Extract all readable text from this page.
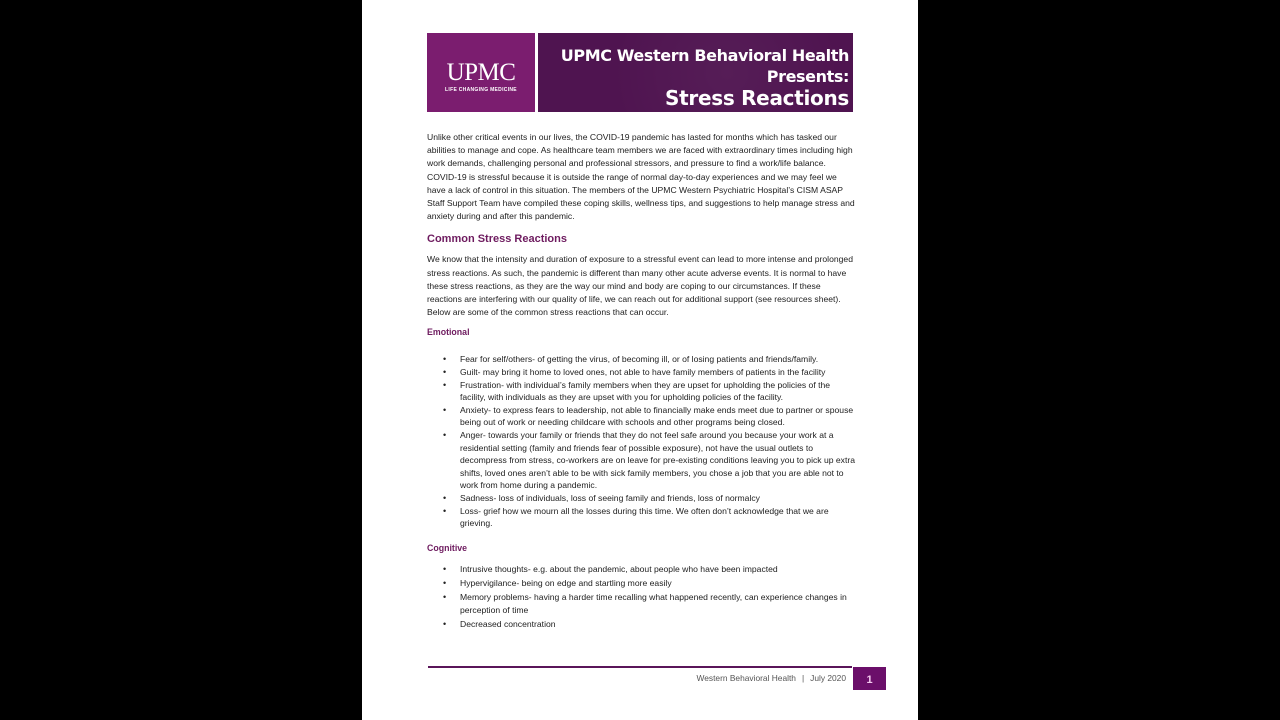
UPMC
LIFE CHANGING MEDICINE
UPMC Western Behavioral Health
Presents:
Stress Reactions

Unlike other critical events in our lives, the COVID-19 pandemic has lasted for months which has tasked our abilities to manage and cope. As healthcare team members we are faced with extraordinary times including high work demands, challenging personal and professional stressors, and pressure to find a work/life balance. COVID-19 is stressful because it is outside the range of normal day-to-day experiences and we may feel we have a lack of control in this situation. The members of the UPMC Western Psychiatric Hospital’s CISM ASAP Staff Support Team have compiled these coping skills, wellness tips, and suggestions to help manage stress and anxiety during and after this pandemic.

Common Stress Reactions

We know that the intensity and duration of exposure to a stressful event can lead to more intense and prolonged stress reactions. As such, the pandemic is different than many other acute adverse events. It is normal to have these stress reactions, as they are the way our mind and body are coping to our circumstances. If these reactions are interfering with our quality of life, we can reach out for additional support (see resources sheet). Below are some of the common stress reactions that can occur.

Emotional
• Fear for self/others- of getting the virus, of becoming ill, or of losing patients and friends/family.
• Guilt- may bring it home to loved ones, not able to have family members of patients in the facility
• Frustration- with individual’s family members when they are upset for upholding the policies of the facility, with individuals as they are upset with you for upholding policies of the facility.
• Anxiety- to express fears to leadership, not able to financially make ends meet due to partner or spouse being out of work or needing childcare with schools and other programs being closed.
• Anger- towards your family or friends that they do not feel safe around you because your work at a residential setting (family and friends fear of possible exposure), not have the usual outlets to decompress from stress, co-workers are on leave for pre-existing conditions leaving you to pick up extra shifts, loved ones aren’t able to be with sick family members, you chose a job that you are able not to work from home during a pandemic.
• Sadness- loss of individuals, loss of seeing family and friends, loss of normalcy
• Loss- grief how we mourn all the losses during this time. We often don’t acknowledge that we are grieving.
Cognitive
• Intrusive thoughts- e.g. about the pandemic, about people who have been impacted
• Hypervigilance- being on edge and startling more easily
• Memory problems- having a harder time recalling what happened recently, can experience changes in perception of time
• Decreased concentration
Western Behavioral Health | July 2020	1
